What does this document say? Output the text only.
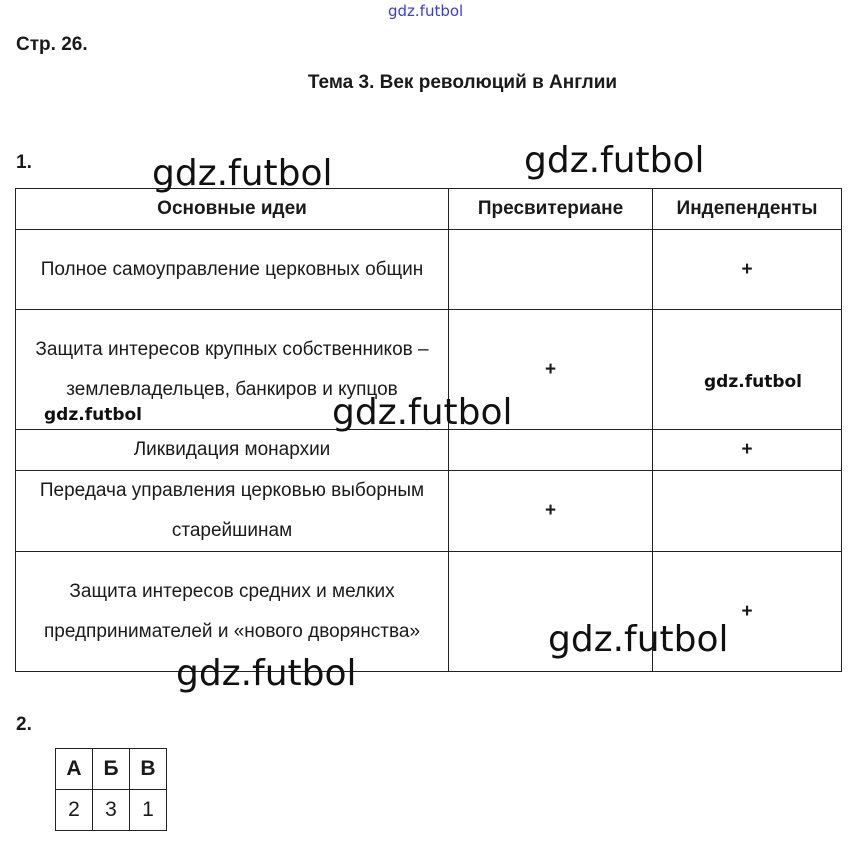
gdz.futbol
Стр. 26.
Тема 3. Век революций в Англии
1.
Основные идеи	Пресвитериане	Индепенденты
Полное самоуправление церковных общин		+
Защита интересов крупных собственников – землевладельцев, банкиров и купцов	+	
Ликвидация монархии		+
Передача управления церковью выборным старейшинам	+	
Защита интересов средних и мелких предпринимателей и «нового дворянства»		+
2.
А	Б	В
2	3	1
gdz.futbol	gdz.futbol
gdz.futbol
gdz.futbol	gdz.futbol
gdz.futbol
gdz.futbol
